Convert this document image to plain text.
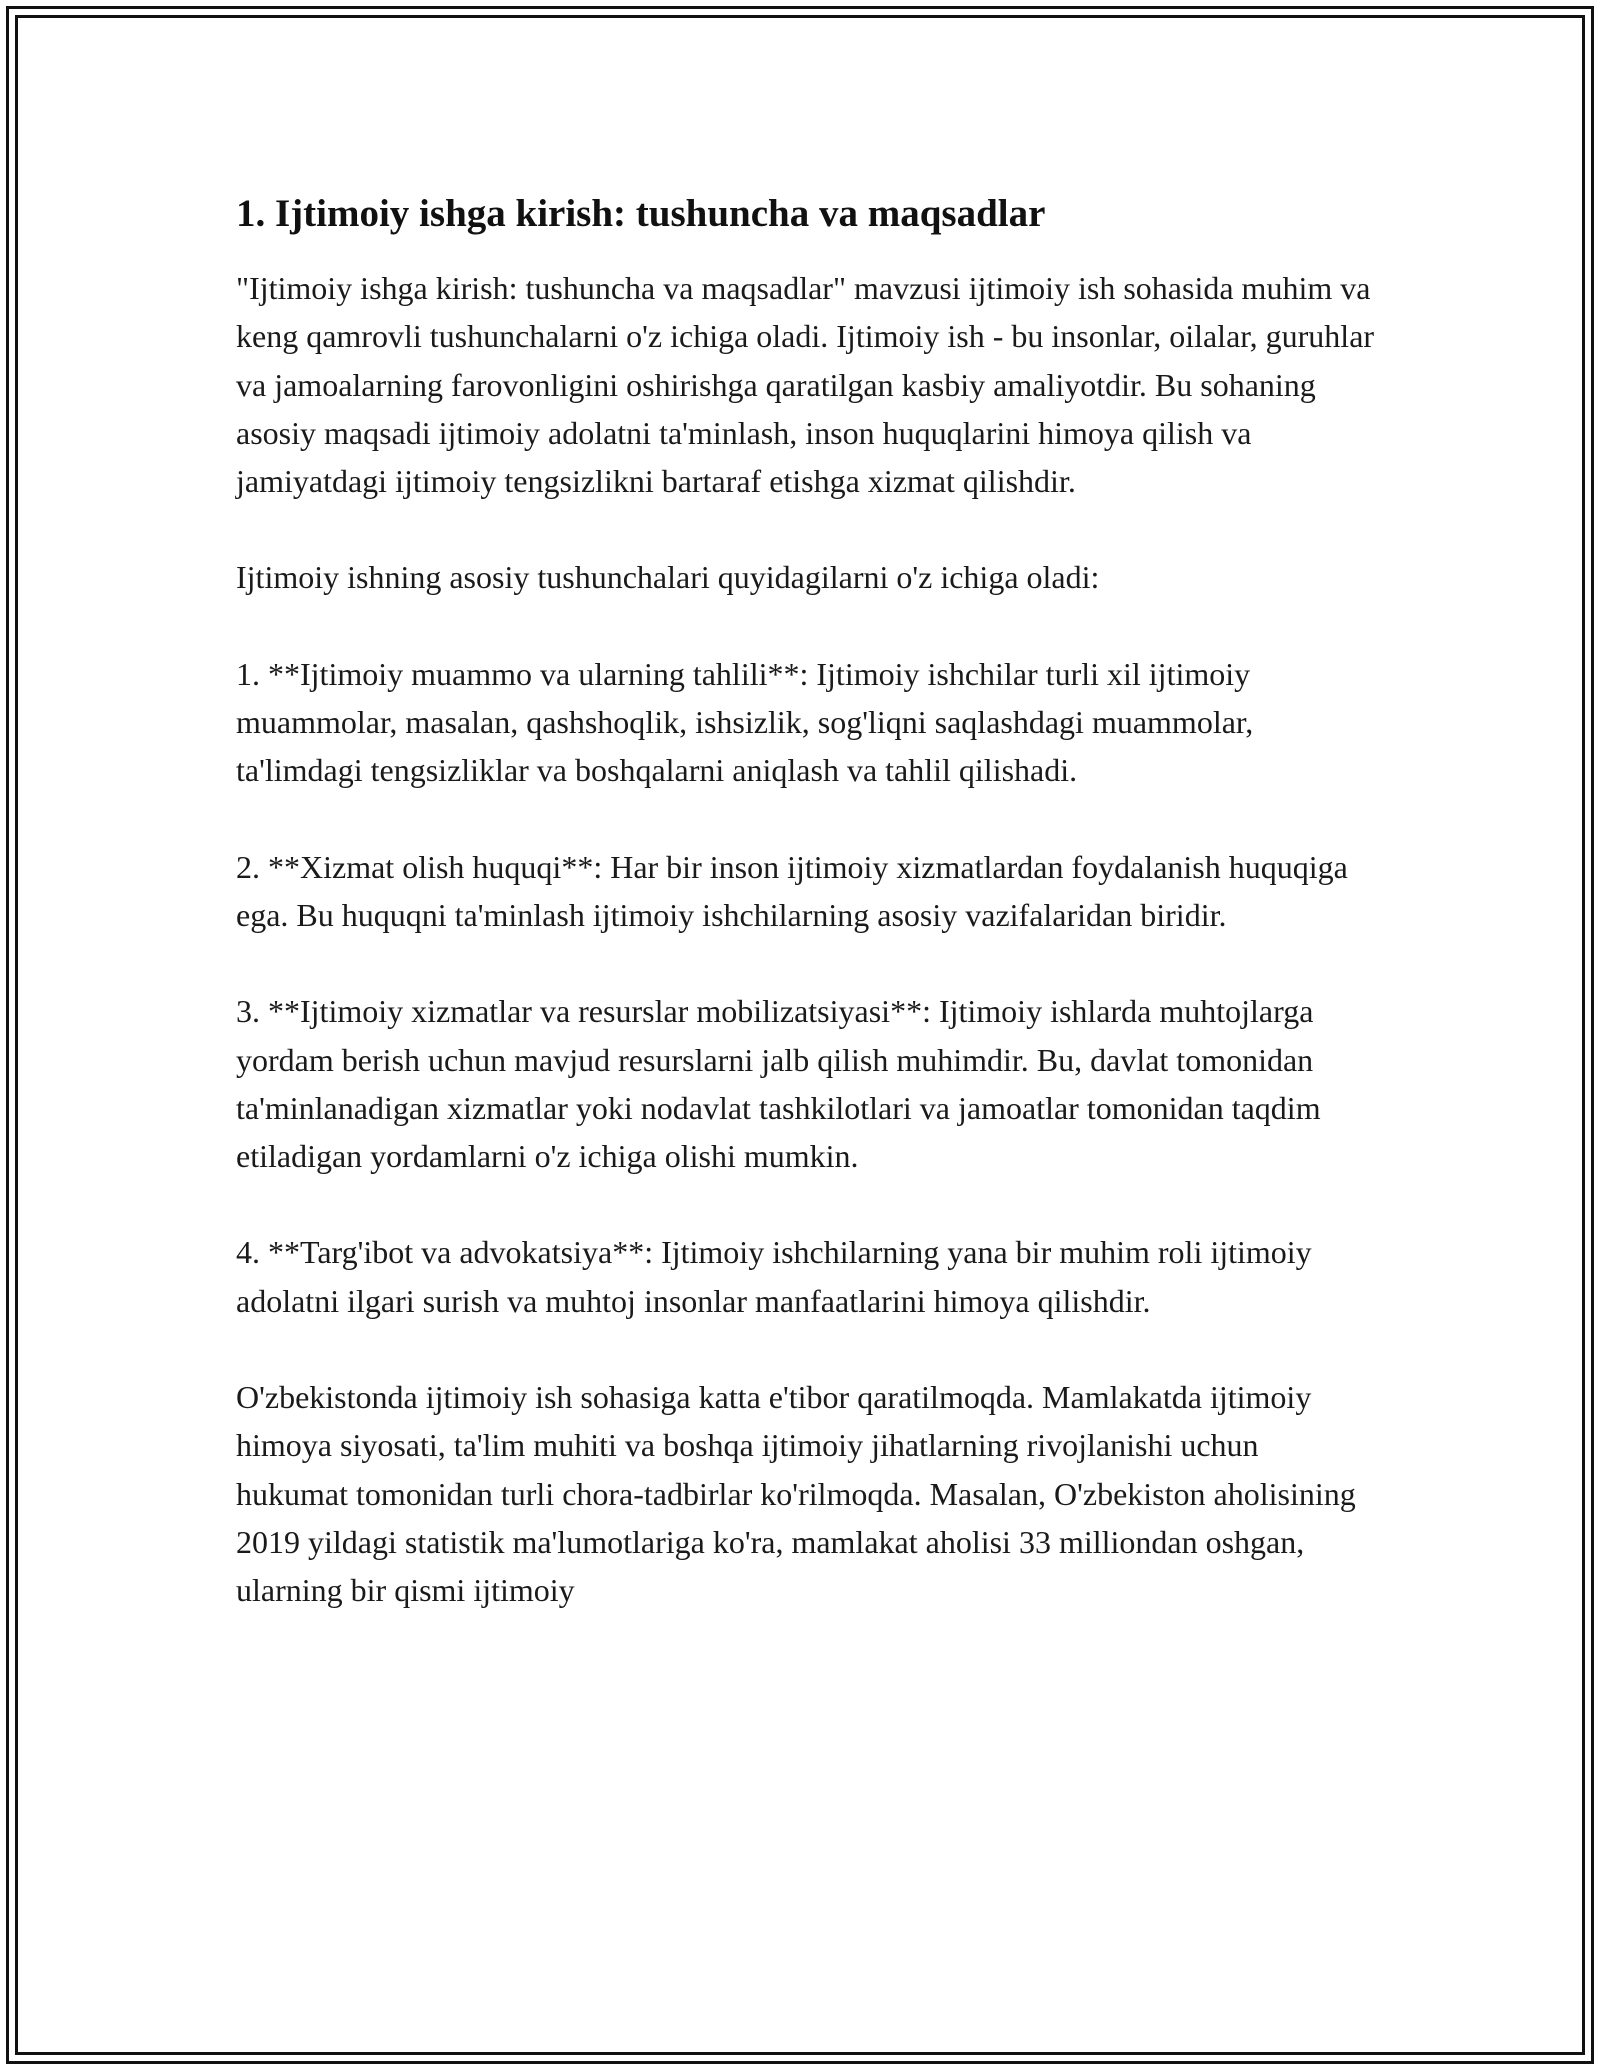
1. Ijtimoiy ishga kirish: tushuncha va maqsadlar

"Ijtimoiy ishga kirish: tushuncha va maqsadlar" mavzusi ijtimoiy ish sohasida muhim va keng qamrovli tushunchalarni o'z ichiga oladi. Ijtimoiy ish - bu insonlar, oilalar, guruhlar va jamoalarning farovonligini oshirishga qaratilgan kasbiy amaliyotdir. Bu sohaning asosiy maqsadi ijtimoiy adolatni ta'minlash, inson huquqlarini himoya qilish va jamiyatdagi ijtimoiy tengsizlikni bartaraf etishga xizmat qilishdir.

Ijtimoiy ishning asosiy tushunchalari quyidagilarni o'z ichiga oladi:

1. **Ijtimoiy muammo va ularning tahlili**: Ijtimoiy ishchilar turli xil ijtimoiy muammolar, masalan, qashshoqlik, ishsizlik, sog'liqni saqlashdagi muammolar, ta'limdagi tengsizliklar va boshqalarni aniqlash va tahlil qilishadi.

2. **Xizmat olish huquqi**: Har bir inson ijtimoiy xizmatlardan foydalanish huquqiga ega. Bu huquqni ta'minlash ijtimoiy ishchilarning asosiy vazifalaridan biridir.

3. **Ijtimoiy xizmatlar va resurslar mobilizatsiyasi**: Ijtimoiy ishlarda muhtojlarga yordam berish uchun mavjud resurslarni jalb qilish muhimdir. Bu, davlat tomonidan ta'minlanadigan xizmatlar yoki nodavlat tashkilotlari va jamoatlar tomonidan taqdim etiladigan yordamlarni o'z ichiga olishi mumkin.

4. **Targ'ibot va advokatsiya**: Ijtimoiy ishchilarning yana bir muhim roli ijtimoiy adolatni ilgari surish va muhtoj insonlar manfaatlarini himoya qilishdir.

O'zbekistonda ijtimoiy ish sohasiga katta e'tibor qaratilmoqda. Mamlakatda ijtimoiy himoya siyosati, ta'lim muhiti va boshqa ijtimoiy jihatlarning rivojlanishi uchun hukumat tomonidan turli chora-tadbirlar ko'rilmoqda. Masalan, O'zbekiston aholisining 2019 yildagi statistik ma'lumotlariga ko'ra, mamlakat aholisi 33 milliondan oshgan, ularning bir qismi ijtimoiy
